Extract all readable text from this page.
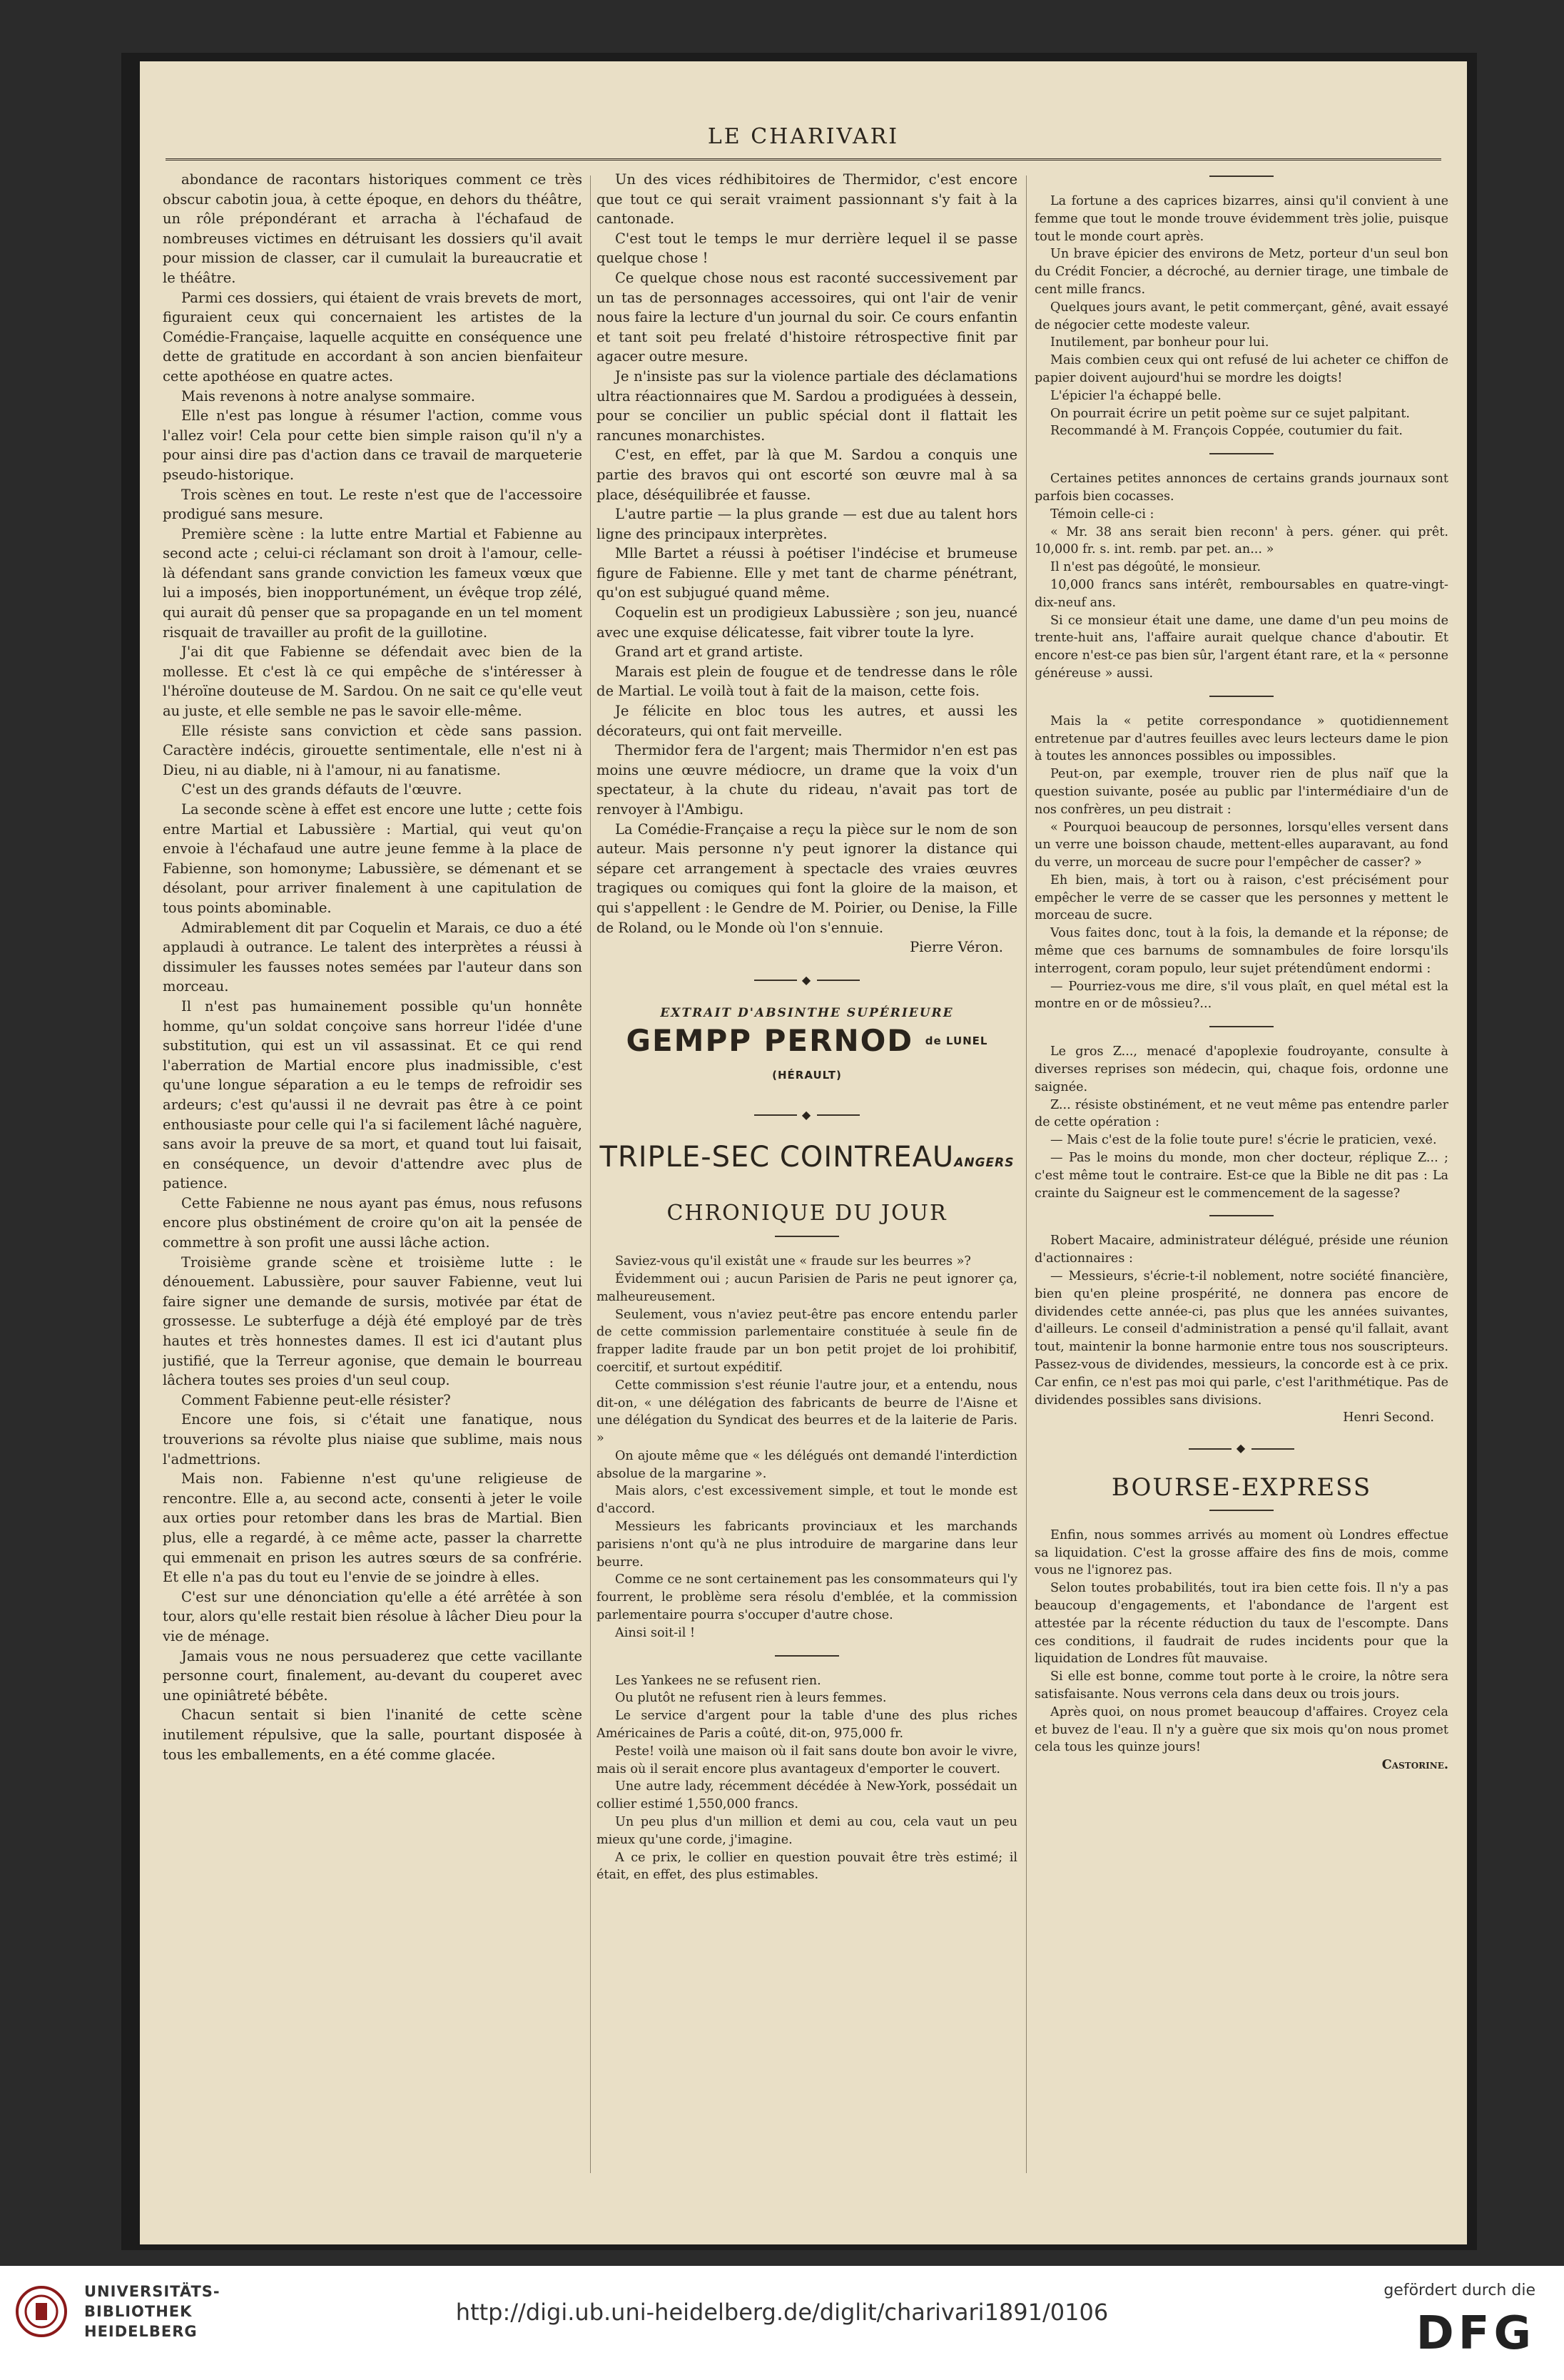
LE CHARIVARI

abondance de racontars historiques comment ce très obscur cabotin joua, à cette époque, en dehors du théâtre, un rôle prépondérant et arracha à l'échafaud de nombreuses victimes en détruisant les dossiers qu'il avait pour mission de classer, car il cumulait la bureaucratie et le théâtre.

Parmi ces dossiers, qui étaient de vrais brevets de mort, figuraient ceux qui concernaient les artistes de la Comédie-Française, laquelle acquitte en conséquence une dette de gratitude en accordant à son ancien bienfaiteur cette apothéose en quatre actes.

Mais revenons à notre analyse sommaire.

Elle n'est pas longue à résumer l'action, comme vous l'allez voir! Cela pour cette bien simple raison qu'il n'y a pour ainsi dire pas d'action dans ce travail de marqueterie pseudo-historique.

Trois scènes en tout. Le reste n'est que de l'accessoire prodigué sans mesure.

Première scène : la lutte entre Martial et Fabienne au second acte ; celui-ci réclamant son droit à l'amour, celle-là défendant sans grande conviction les fameux vœux que lui a imposés, bien inopportunément, un évêque trop zélé, qui aurait dû penser que sa propagande en un tel moment risquait de travailler au profit de la guillotine.

J'ai dit que Fabienne se défendait avec bien de la mollesse. Et c'est là ce qui empêche de s'intéresser à l'héroïne douteuse de M. Sardou. On ne sait ce qu'elle veut au juste, et elle semble ne pas le savoir elle-même.

Elle résiste sans conviction et cède sans passion. Caractère indécis, girouette sentimentale, elle n'est ni à Dieu, ni au diable, ni à l'amour, ni au fanatisme.

C'est un des grands défauts de l'œuvre.

La seconde scène à effet est encore une lutte ; cette fois entre Martial et Labussière : Martial, qui veut qu'on envoie à l'échafaud une autre jeune femme à la place de Fabienne, son homonyme; Labussière, se démenant et se désolant, pour arriver finalement à une capitulation de tous points abominable.

Admirablement dit par Coquelin et Marais, ce duo a été applaudi à outrance. Le talent des interprètes a réussi à dissimuler les fausses notes semées par l'auteur dans son morceau.

Il n'est pas humainement possible qu'un honnête homme, qu'un soldat conçoive sans horreur l'idée d'une substitution, qui est un vil assassinat. Et ce qui rend l'aberration de Martial encore plus inadmissible, c'est qu'une longue séparation a eu le temps de refroidir ses ardeurs; c'est qu'aussi il ne devrait pas être à ce point enthousiaste pour celle qui l'a si facilement lâché naguère, sans avoir la preuve de sa mort, et quand tout lui faisait, en conséquence, un devoir d'attendre avec plus de patience.

Cette Fabienne ne nous ayant pas émus, nous refusons encore plus obstinément de croire qu'on ait la pensée de commettre à son profit une aussi lâche action.

Troisième grande scène et troisième lutte : le dénouement. Labussière, pour sauver Fabienne, veut lui faire signer une demande de sursis, motivée par état de grossesse. Le subterfuge a déjà été employé par de très hautes et très honnestes dames. Il est ici d'autant plus justifié, que la Terreur agonise, que demain le bourreau lâchera toutes ses proies d'un seul coup.

Comment Fabienne peut-elle résister?

Encore une fois, si c'était une fanatique, nous trouverions sa révolte plus niaise que sublime, mais nous l'admettrions.

Mais non. Fabienne n'est qu'une religieuse de rencontre. Elle a, au second acte, consenti à jeter le voile aux orties pour retomber dans les bras de Martial. Bien plus, elle a regardé, à ce même acte, passer la charrette qui emmenait en prison les autres sœurs de sa confrérie. Et elle n'a pas du tout eu l'envie de se joindre à elles.

C'est sur une dénonciation qu'elle a été arrêtée à son tour, alors qu'elle restait bien résolue à lâcher Dieu pour la vie de ménage.

Jamais vous ne nous persuaderez que cette vacillante personne court, finalement, au-devant du couperet avec une opiniâtreté bébête.

Chacun sentait si bien l'inanité de cette scène inutilement répulsive, que la salle, pourtant disposée à tous les emballements, en a été comme glacée.

Un des vices rédhibitoires de Thermidor, c'est encore que tout ce qui serait vraiment passionnant s'y fait à la cantonade.

C'est tout le temps le mur derrière lequel il se passe quelque chose !

Ce quelque chose nous est raconté successivement par un tas de personnages accessoires, qui ont l'air de venir nous faire la lecture d'un journal du soir. Ce cours enfantin et tant soit peu frelaté d'histoire rétrospective finit par agacer outre mesure.

Je n'insiste pas sur la violence partiale des déclamations ultra réactionnaires que M. Sardou a prodiguées à dessein, pour se concilier un public spécial dont il flattait les rancunes monarchistes.

C'est, en effet, par là que M. Sardou a conquis une partie des bravos qui ont escorté son œuvre mal à sa place, déséquilibrée et fausse.

L'autre partie — la plus grande — est due au talent hors ligne des principaux interprètes.

Mlle Bartet a réussi à poétiser l'indécise et brumeuse figure de Fabienne. Elle y met tant de charme pénétrant, qu'on est subjugué quand même.

Coquelin est un prodigieux Labussière ; son jeu, nuancé avec une exquise délicatesse, fait vibrer toute la lyre.

Grand art et grand artiste.

Marais est plein de fougue et de tendresse dans le rôle de Martial. Le voilà tout à fait de la maison, cette fois.

Je félicite en bloc tous les autres, et aussi les décorateurs, qui ont fait merveille.

Thermidor fera de l'argent; mais Thermidor n'en est pas moins une œuvre médiocre, un drame que la voix d'un spectateur, à la chute du rideau, n'avait pas tort de renvoyer à l'Ambigu.

La Comédie-Française a reçu la pièce sur le nom de son auteur. Mais personne n'y peut ignorer la distance qui sépare cet arrangement à spectacle des vraies œuvres tragiques ou comiques qui font la gloire de la maison, et qui s'appellent : le Gendre de M. Poirier, ou Denise, la Fille de Roland, ou le Monde où l'on s'ennuie.

Pierre Véron.

◆
EXTRAIT D'ABSINTHE SUPÉRIEURE
GEMPP PERNOD $^{de LUNEL (HÉRAULT)}$
◆
TRIPLE-SEC COINTREAUANGERS
CHRONIQUE DU JOUR

Saviez-vous qu'il existât une « fraude sur les beurres »?

Évidemment oui ; aucun Parisien de Paris ne peut ignorer ça, malheureusement.

Seulement, vous n'aviez peut-être pas encore entendu parler de cette commission parlementaire constituée à seule fin de frapper ladite fraude par un bon petit projet de loi prohibitif, coercitif, et surtout expéditif.

Cette commission s'est réunie l'autre jour, et a entendu, nous dit-on, « une délégation des fabricants de beurre de l'Aisne et une délégation du Syndicat des beurres et de la laiterie de Paris. »

On ajoute même que « les délégués ont demandé l'interdiction absolue de la margarine ».

Mais alors, c'est excessivement simple, et tout le monde est d'accord.

Messieurs les fabricants provinciaux et les marchands parisiens n'ont qu'à ne plus introduire de margarine dans leur beurre.

Comme ce ne sont certainement pas les consommateurs qui l'y fourrent, le problème sera résolu d'emblée, et la commission parlementaire pourra s'occuper d'autre chose.

Ainsi soit-il !

Les Yankees ne se refusent rien.

Ou plutôt ne refusent rien à leurs femmes.

Le service d'argent pour la table d'une des plus riches Américaines de Paris a coûté, dit-on, 975,000 fr.

Peste! voilà une maison où il fait sans doute bon avoir le vivre, mais où il serait encore plus avantageux d'emporter le couvert.

Une autre lady, récemment décédée à New-York, possédait un collier estimé 1,550,000 francs.

Un peu plus d'un million et demi au cou, cela vaut un peu mieux qu'une corde, j'imagine.

A ce prix, le collier en question pouvait être très estimé; il était, en effet, des plus estimables.

La fortune a des caprices bizarres, ainsi qu'il convient à une femme que tout le monde trouve évidemment très jolie, puisque tout le monde court après.

Un brave épicier des environs de Metz, porteur d'un seul bon du Crédit Foncier, a décroché, au dernier tirage, une timbale de cent mille francs.

Quelques jours avant, le petit commerçant, gêné, avait essayé de négocier cette modeste valeur.

Inutilement, par bonheur pour lui.

Mais combien ceux qui ont refusé de lui acheter ce chiffon de papier doivent aujourd'hui se mordre les doigts!

L'épicier l'a échappé belle.

On pourrait écrire un petit poème sur ce sujet palpitant.

Recommandé à M. François Coppée, coutumier du fait.

Certaines petites annonces de certains grands journaux sont parfois bien cocasses.

Témoin celle-ci :

« Mr. 38 ans serait bien reconn' à pers. géner. qui prêt. 10,000 fr. s. int. remb. par pet. an... »

Il n'est pas dégoûté, le monsieur.

10,000 francs sans intérêt, remboursables en quatre-vingt-dix-neuf ans.

Si ce monsieur était une dame, une dame d'un peu moins de trente-huit ans, l'affaire aurait quelque chance d'aboutir. Et encore n'est-ce pas bien sûr, l'argent étant rare, et la « personne généreuse » aussi.

Mais la « petite correspondance » quotidiennement entretenue par d'autres feuilles avec leurs lecteurs dame le pion à toutes les annonces possibles ou impossibles.

Peut-on, par exemple, trouver rien de plus naïf que la question suivante, posée au public par l'intermédiaire d'un de nos confrères, un peu distrait :

« Pourquoi beaucoup de personnes, lorsqu'elles versent dans un verre une boisson chaude, mettent-elles auparavant, au fond du verre, un morceau de sucre pour l'empêcher de casser? »

Eh bien, mais, à tort ou à raison, c'est précisément pour empêcher le verre de se casser que les personnes y mettent le morceau de sucre.

Vous faites donc, tout à la fois, la demande et la réponse; de même que ces barnums de somnambules de foire lorsqu'ils interrogent, coram populo, leur sujet prétendûment endormi :

— Pourriez-vous me dire, s'il vous plaît, en quel métal est la montre en or de môssieu?...

Le gros Z..., menacé d'apoplexie foudroyante, consulte à diverses reprises son médecin, qui, chaque fois, ordonne une saignée.

Z... résiste obstinément, et ne veut même pas entendre parler de cette opération :

— Mais c'est de la folie toute pure! s'écrie le praticien, vexé.

— Pas le moins du monde, mon cher docteur, réplique Z... ; c'est même tout le contraire. Est-ce que la Bible ne dit pas : La crainte du Saigneur est le commencement de la sagesse?

Robert Macaire, administrateur délégué, préside une réunion d'actionnaires :

— Messieurs, s'écrie-t-il noblement, notre société financière, bien qu'en pleine prospérité, ne donnera pas encore de dividendes cette année-ci, pas plus que les années suivantes, d'ailleurs. Le conseil d'administration a pensé qu'il fallait, avant tout, maintenir la bonne harmonie entre tous nos souscripteurs. Passez-vous de dividendes, messieurs, la concorde est à ce prix. Car enfin, ce n'est pas moi qui parle, c'est l'arithmétique. Pas de dividendes possibles sans divisions.

Henri Second.

◆
BOURSE-EXPRESS

Enfin, nous sommes arrivés au moment où Londres effectue sa liquidation. C'est la grosse affaire des fins de mois, comme vous ne l'ignorez pas.

Selon toutes probabilités, tout ira bien cette fois. Il n'y a pas beaucoup d'engagements, et l'abondance de l'argent est attestée par la récente réduction du taux de l'escompte. Dans ces conditions, il faudrait de rudes incidents pour que la liquidation de Londres fût mauvaise.

Si elle est bonne, comme tout porte à le croire, la nôtre sera satisfaisante. Nous verrons cela dans deux ou trois jours.

Après quoi, on nous promet beaucoup d'affaires. Croyez cela et buvez de l'eau. Il n'y a guère que six mois qu'on nous promet cela tous les quinze jours!

Castorine.

UNIVERSITÄTS-
BIBLIOTHEK
HEIDELBERG
http://digi.ub.uni-heidelberg.de/diglit/charivari1891/0106
gefördert durch die
DFG
